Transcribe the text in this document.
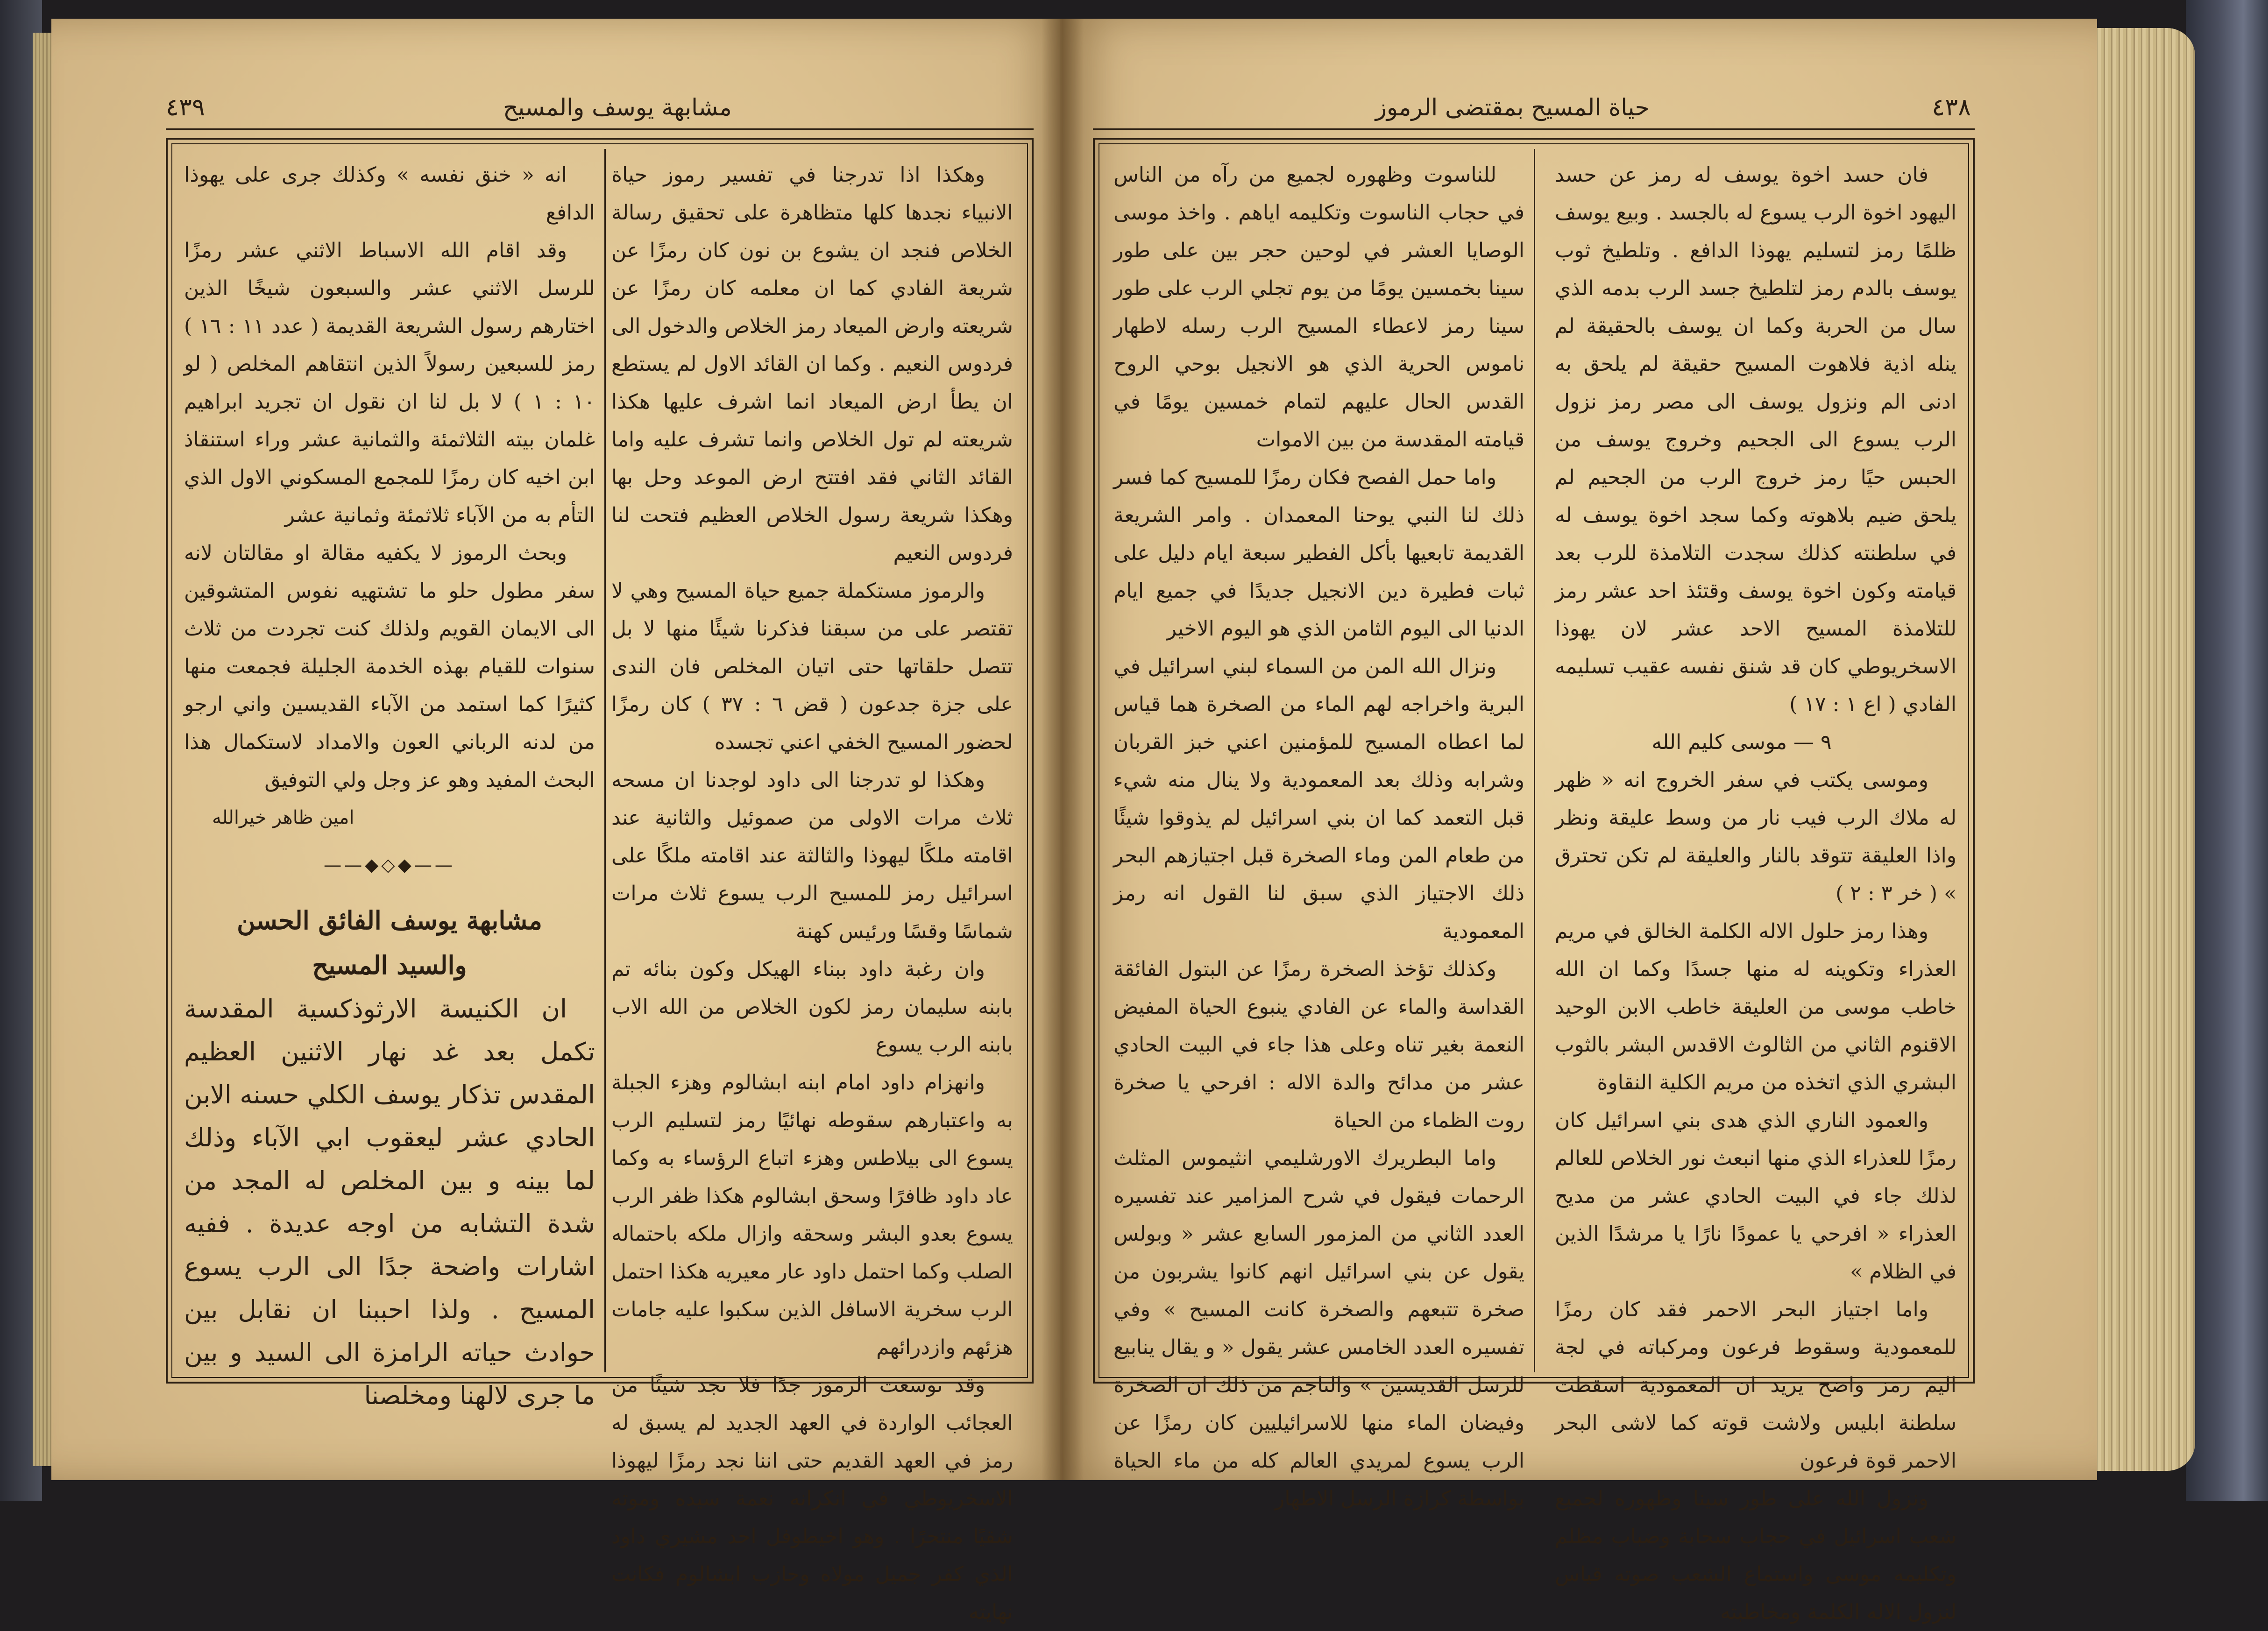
مشابهة يوسف والمسيح
٤٣٩

وهكذا اذا تدرجنا في تفسير رموز حياة الانبياء نجدها كلها متظاهرة على تحقيق رسالة الخلاص فنجد ان يشوع بن نون كان رمزًا عن شريعة الفادي كما ان معلمه كان رمزًا عن شريعته وارض الميعاد رمز الخلاص والدخول الى فردوس النعيم . وكما ان القائد الاول لم يستطع ان يطأ ارض الميعاد انما اشرف عليها هكذا شريعته لم تول الخلاص وانما تشرف عليه واما القائد الثاني فقد افتتح ارض الموعد وحل بها وهكذا شريعة رسول الخلاص العظيم فتحت لنا فردوس النعيم

والرموز مستكملة جميع حياة المسيح وهي لا تقتصر على من سبقنا فذكرنا شيئًا منها لا بل تتصل حلقاتها حتى اتيان المخلص فان الندى على جزة جدعون ( قض ٦ : ٣٧ ) كان رمزًا لحضور المسيح الخفي اعني تجسده

وهكذا لو تدرجنا الى داود لوجدنا ان مسحه ثلاث مرات الاولى من صموئيل والثانية عند اقامته ملكًا ليهوذا والثالثة عند اقامته ملكًا على اسرائيل رمز للمسيح الرب يسوع ثلاث مرات شماسًا وقسًا ورئيس كهنة

وان رغبة داود ببناء الهيكل وكون بنائه تم بابنه سليمان رمز لكون الخلاص من الله الاب بابنه الرب يسوع

وانهزام داود امام ابنه ابشالوم وهزء الجبلة به واعتبارهم سقوطه نهائيًا رمز لتسليم الرب يسوع الى بيلاطس وهزء اتباع الرؤساء به وكما عاد داود ظافرًا وسحق ابشالوم هكذا ظفر الرب يسوع بعدو البشر وسحقه وازال ملكه باحتماله الصلب وكما احتمل داود عار معيريه هكذا احتمل الرب سخرية الاسافل الذين سكبوا عليه جامات هزئهم وازدرائهم

وقد توسعت الرموز جدًا فلا نجد شيئًا من العجائب الواردة في العهد الجديد لم يسبق له رمز في العهد القديم حتى اننا نجد رمزًا ليهوذا الاسخريوطي في انكرانه نعمة سيده وموته شقيًا منتحرًا . وهو اخيطوفل احد مشيري داود الذي كفر جميل مولاه وحازب ابشالوم فكانت نهايته

انه « خنق نفسه » وكذلك جرى على يهوذا الدافع

وقد اقام الله الاسباط الاثني عشر رمزًا للرسل الاثني عشر والسبعون شيخًا الذين اختارهم رسول الشريعة القديمة ( عدد ١١ : ١٦ ) رمز للسبعين رسولاً الذين انتقاهم المخلص ( لو ١٠ : ١ ) لا بل لنا ان نقول ان تجريد ابراهيم غلمان بيته الثلاثمئة والثمانية عشر وراء استنقاذ ابن اخيه كان رمزًا للمجمع المسكوني الاول الذي التأم به من الآباء ثلاثمئة وثمانية عشر

وبحث الرموز لا يكفيه مقالة او مقالتان لانه سفر مطول حلو ما تشتهيه نفوس المتشوقين الى الايمان القويم ولذلك كنت تجردت من ثلاث سنوات للقيام بهذه الخدمة الجليلة فجمعت منها كثيرًا كما استمد من الآباء القديسين واني ارجو من لدنه الرباني العون والامداد لاستكمال هذا البحث المفيد وهو عز وجل ولي التوفيق

امين ظاهر خيرالله
——◆◇◆——
مشابهة يوسف الفائق الحسن
والسيد المسيح

ان الكنيسة الارثوذكسية المقدسة تكمل بعد غد نهار الاثنين العظيم المقدس تذكار يوسف الكلي حسنه الابن الحادي عشر ليعقوب ابي الآباء وذلك لما بينه و بين المخلص له المجد من شدة التشابه من اوجه عديدة . ففيه اشارات واضحة جدًا الى الرب يسوع المسيح . ولذا احببنا ان نقابل بين حوادث حياته الرامزة الى السيد و بين ما جرى لالهنا ومخلصنا

٤٣٨
حياة المسيح بمقتضى الرموز

فان حسد اخوة يوسف له رمز عن حسد اليهود اخوة الرب يسوع له بالجسد . وبيع يوسف ظلمًا رمز لتسليم يهوذا الدافع . وتلطيخ ثوب يوسف بالدم رمز لتلطيخ جسد الرب بدمه الذي سال من الحربة وكما ان يوسف بالحقيقة لم ينله اذية فلاهوت المسيح حقيقة لم يلحق به ادنى الم ونزول يوسف الى مصر رمز نزول الرب يسوع الى الجحيم وخروج يوسف من الحبس حيًا رمز خروج الرب من الجحيم لم يلحق ضيم بلاهوته وكما سجد اخوة يوسف له في سلطنته كذلك سجدت التلامذة للرب بعد قيامته وكون اخوة يوسف وقتئذ احد عشر رمز للتلامذة المسيح الاحد عشر لان يهوذا الاسخريوطي كان قد شنق نفسه عقيب تسليمه الفادي ( اع ١ : ١٧ )

٩ — موسى كليم الله

وموسى يكتب في سفر الخروج انه « ظهر له ملاك الرب فيب نار من وسط عليقة ونظر واذا العليقة تتوقد بالنار والعليقة لم تكن تحترق » ( خر ٣ : ٢ )

وهذا رمز حلول الاله الكلمة الخالق في مريم العذراء وتكوينه له منها جسدًا وكما ان الله خاطب موسى من العليقة خاطب الابن الوحيد الاقنوم الثاني من الثالوث الاقدس البشر بالثوب البشري الذي اتخذه من مريم الكلية النقاوة

والعمود الناري الذي هدى بني اسرائيل كان رمزًا للعذراء الذي منها انبعث نور الخلاص للعالم لذلك جاء في البيت الحادي عشر من مديح العذراء « افرحي يا عمودًا نارًا يا مرشدًا الذين في الظلام »

واما اجتياز البحر الاحمر فقد كان رمزًا للمعمودية وسقوط فرعون ومركباته في لجة اليم رمز واضح يريد ان المعمودية اسقطت سلطنة ابليس ولاشت قوته كما لاشى البحر الاحمر قوة فرعون

ونزول الله على طور سينا وظهوره لجميع شعب اسرائيل في حجاب سحابة وضباب مظلم وتكليمه موسى واستماع الشعب صوته قياس لنزول الاله الكلمة ومخاطبته

للناسوت وظهوره لجميع من رآه من الناس في حجاب الناسوت وتكليمه اياهم . واخذ موسى الوصايا العشر في لوحين حجر بين على طور سينا بخمسين يومًا من يوم تجلي الرب على طور سينا رمز لاعطاء المسيح الرب رسله لاطهار ناموس الحرية الذي هو الانجيل بوحي الروح القدس الحال عليهم لتمام خمسين يومًا في قيامته المقدسة من بين الاموات

واما حمل الفصح فكان رمزًا للمسيح كما فسر ذلك لنا النبي يوحنا المعمدان . وامر الشريعة القديمة تابعيها بأكل الفطير سبعة ايام دليل على ثبات فطيرة دين الانجيل جديدًا في جميع ايام الدنيا الى اليوم الثامن الذي هو اليوم الاخير

ونزال الله المن من السماء لبني اسرائيل في البرية واخراجه لهم الماء من الصخرة هما قياس لما اعطاه المسيح للمؤمنين اعني خبز القربان وشرابه وذلك بعد المعمودية ولا ينال منه شيء قبل التعمد كما ان بني اسرائيل لم يذوقوا شيئًا من طعام المن وماء الصخرة قبل اجتيازهم البحر ذلك الاجتياز الذي سبق لنا القول انه رمز المعمودية

وكذلك تؤخذ الصخرة رمزًا عن البتول الفائقة القداسة والماء عن الفادي ينبوع الحياة المفيض النعمة بغير تناه وعلى هذا جاء في البيت الحادي عشر من مدائح والدة الاله : افرحي يا صخرة روت الظماء من الحياة

واما البطريرك الاورشليمي انثيموس المثلث الرحمات فيقول في شرح المزامير عند تفسيره العدد الثاني من المزمور السابع عشر « وبولس يقول عن بني اسرائيل انهم كانوا يشربون من صخرة تتبعهم والصخرة كانت المسيح » وفي تفسيره العدد الخامس عشر يقول « و يقال ينابيع للرسل القديسين » والناجم من ذلك ان الصخرة وفيضان الماء منها للاسرائيليين كان رمزًا عن الرب يسوع لمريدي العالم كله من ماء الحياة بواسطة كرازة الرسل الاطهار
